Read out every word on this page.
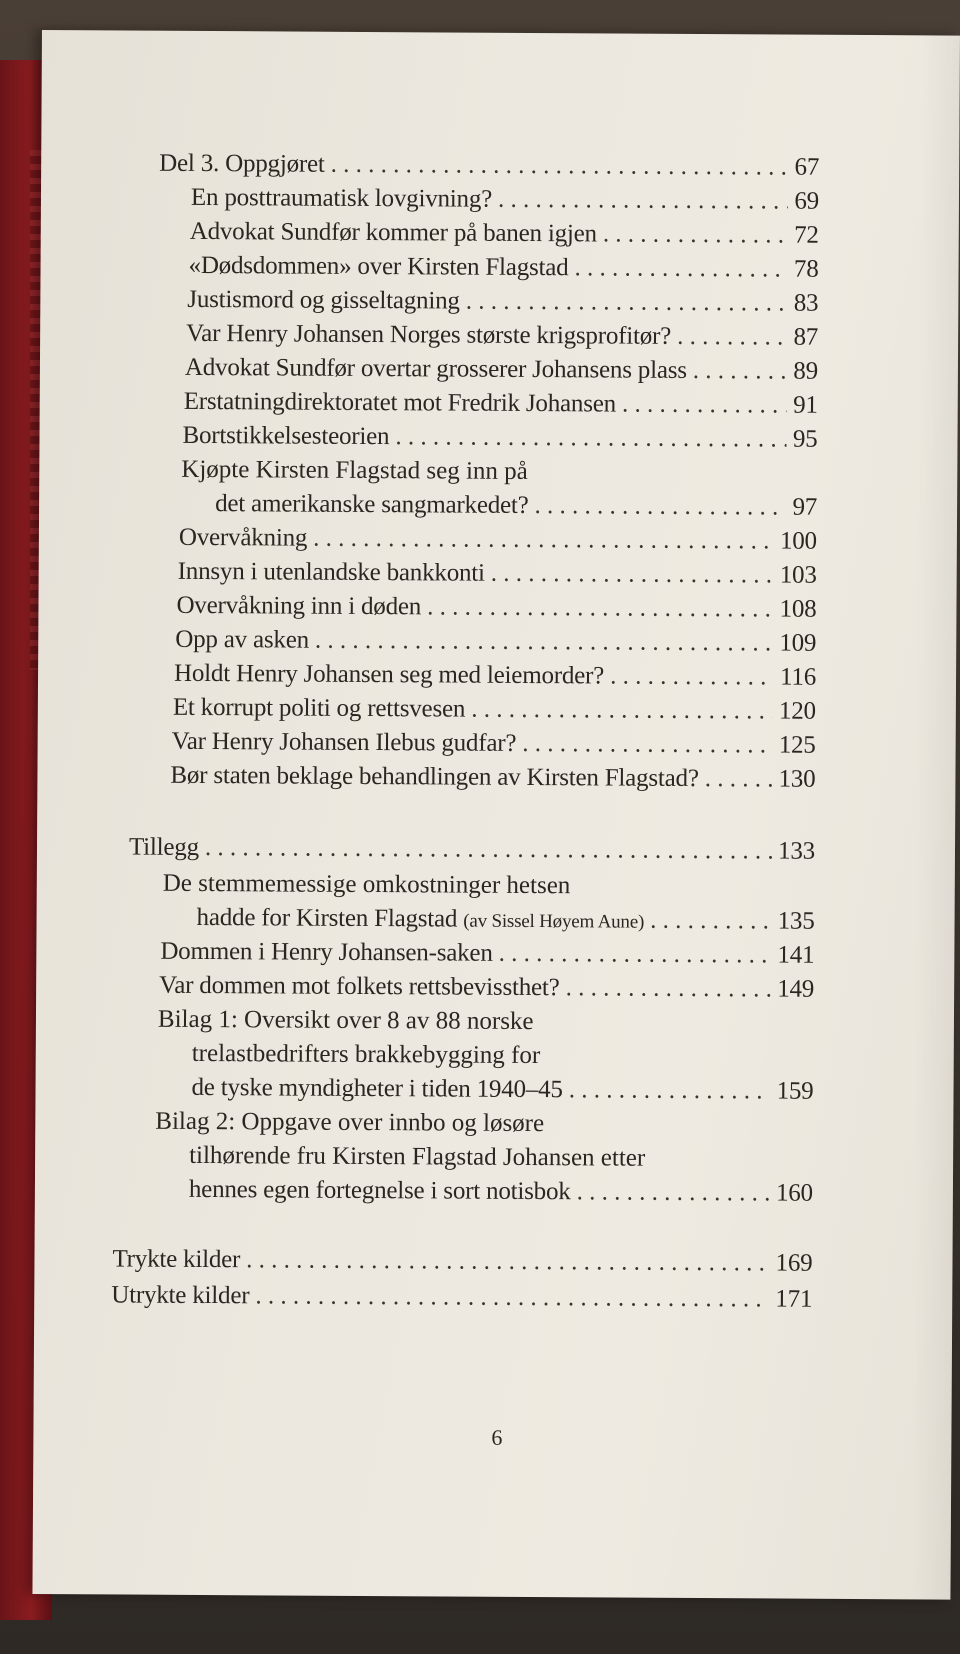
Del 3. Oppgjøret . . .	67
En posttraumatisk lovgivning? . . .	69
Advokat Sundfør kommer på banen igjen . . .	72
«Dødsdommen» over Kirsten Flagstad . . .	78
Justismord og gisseltagning . . .	83
Var Henry Johansen Norges største krigsprofitør? . . .	87
Advokat Sundfør overtar grosserer Johansens plass . . .	89
Erstatningdirektoratet mot Fredrik Johansen . . .	91
Bortstikkelsesteorien . . .	95
Kjøpte Kirsten Flagstad seg inn på
det amerikanske sangmarkedet? . . .	97
Overvåkning . . .	100
Innsyn i utenlandske bankkonti . . .	103
Overvåkning inn i døden . . .	108
Opp av asken . . .	109
Holdt Henry Johansen seg med leiemorder? . . .	116
Et korrupt politi og rettsvesen . . .	120
Var Henry Johansen Ilebus gudfar? . . .	125
Bør staten beklage behandlingen av Kirsten Flagstad? . . .	130
Tillegg . . .	133
De stemmemessige omkostninger hetsen
hadde for Kirsten Flagstad (av Sissel Høyem Aune) . . .	135
Dommen i Henry Johansen-saken . . .	141
Var dommen mot folkets rettsbevissthet? . . .	149
Bilag 1: Oversikt over 8 av 88 norske
trelastbedrifters brakkebygging for
de tyske myndigheter i tiden 1940–45 . . .	159
Bilag 2: Oppgave over innbo og løsøre
tilhørende fru Kirsten Flagstad Johansen etter
hennes egen fortegnelse i sort notisbok . . .	160
Trykte kilder . . .	169
Utrykte kilder . . .	171
6
